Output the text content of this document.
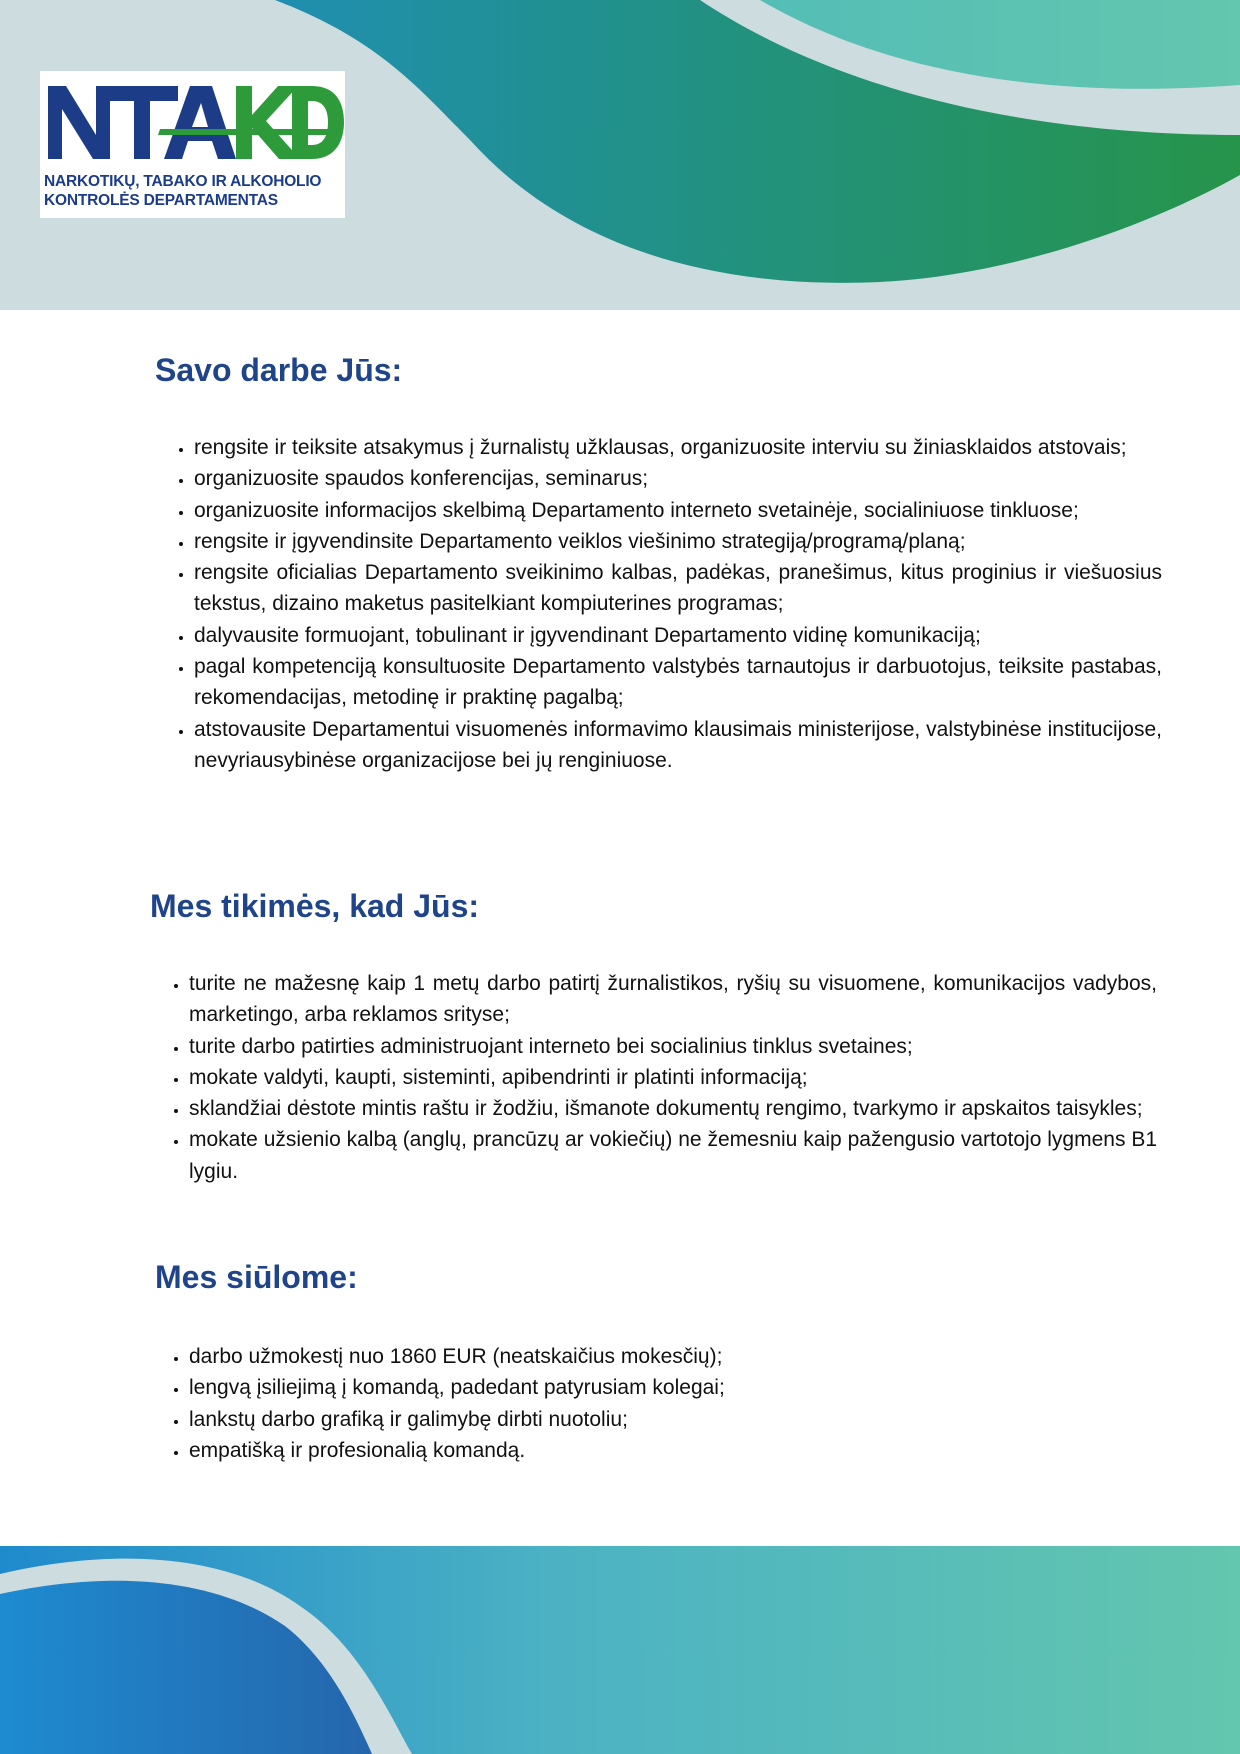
NARKOTIKŲ, TABAKO IR ALKOHOLIO
KONTROLĖS DEPARTAMENTAS
Savo darbe Jūs:
• rengsite ir teiksite atsakymus į žurnalistų užklausas, organizuosite interviu su žiniasklaidos atstovais;
• organizuosite spaudos konferencijas, seminarus;
• organizuosite informacijos skelbimą Departamento interneto svetainėje, socialiniuose tinkluose;
• rengsite ir įgyvendinsite Departamento veiklos viešinimo strategiją/programą/planą;
• rengsite oficialias Departamento sveikinimo kalbas, padėkas, pranešimus, kitus proginius ir viešuosius tekstus, dizaino maketus pasitelkiant kompiuterines programas;
• dalyvausite formuojant, tobulinant ir įgyvendinant Departamento vidinę komunikaciją;
• pagal kompetenciją konsultuosite Departamento valstybės tarnautojus ir darbuotojus, teiksite pastabas, rekomendacijas, metodinę ir praktinę pagalbą;
• atstovausite Departamentui visuomenės informavimo klausimais ministerijose, valstybinėse institucijose, nevyriausybinėse organizacijose bei jų renginiuose.
Mes tikimės, kad Jūs:
• turite ne mažesnę kaip 1 metų darbo patirtį žurnalistikos, ryšių su visuomene, komunikacijos vadybos, marketingo, arba reklamos srityse;
• turite darbo patirties administruojant interneto bei socialinius tinklus svetaines;
• mokate valdyti, kaupti, sisteminti, apibendrinti ir platinti informaciją;
• sklandžiai dėstote mintis raštu ir žodžiu, išmanote dokumentų rengimo, tvarkymo ir apskaitos taisykles;
• mokate užsienio kalbą (anglų, prancūzų ar vokiečių) ne žemesniu kaip pažengusio vartotojo lygmens B1 lygiu.
Mes siūlome:
• darbo užmokestį nuo 1860 EUR (neatskaičius mokesčių);
• lengvą įsiliejimą į komandą, padedant patyrusiam kolegai;
• lankstų darbo grafiką ir galimybę dirbti nuotoliu;
• empatišką ir profesionalią komandą.
